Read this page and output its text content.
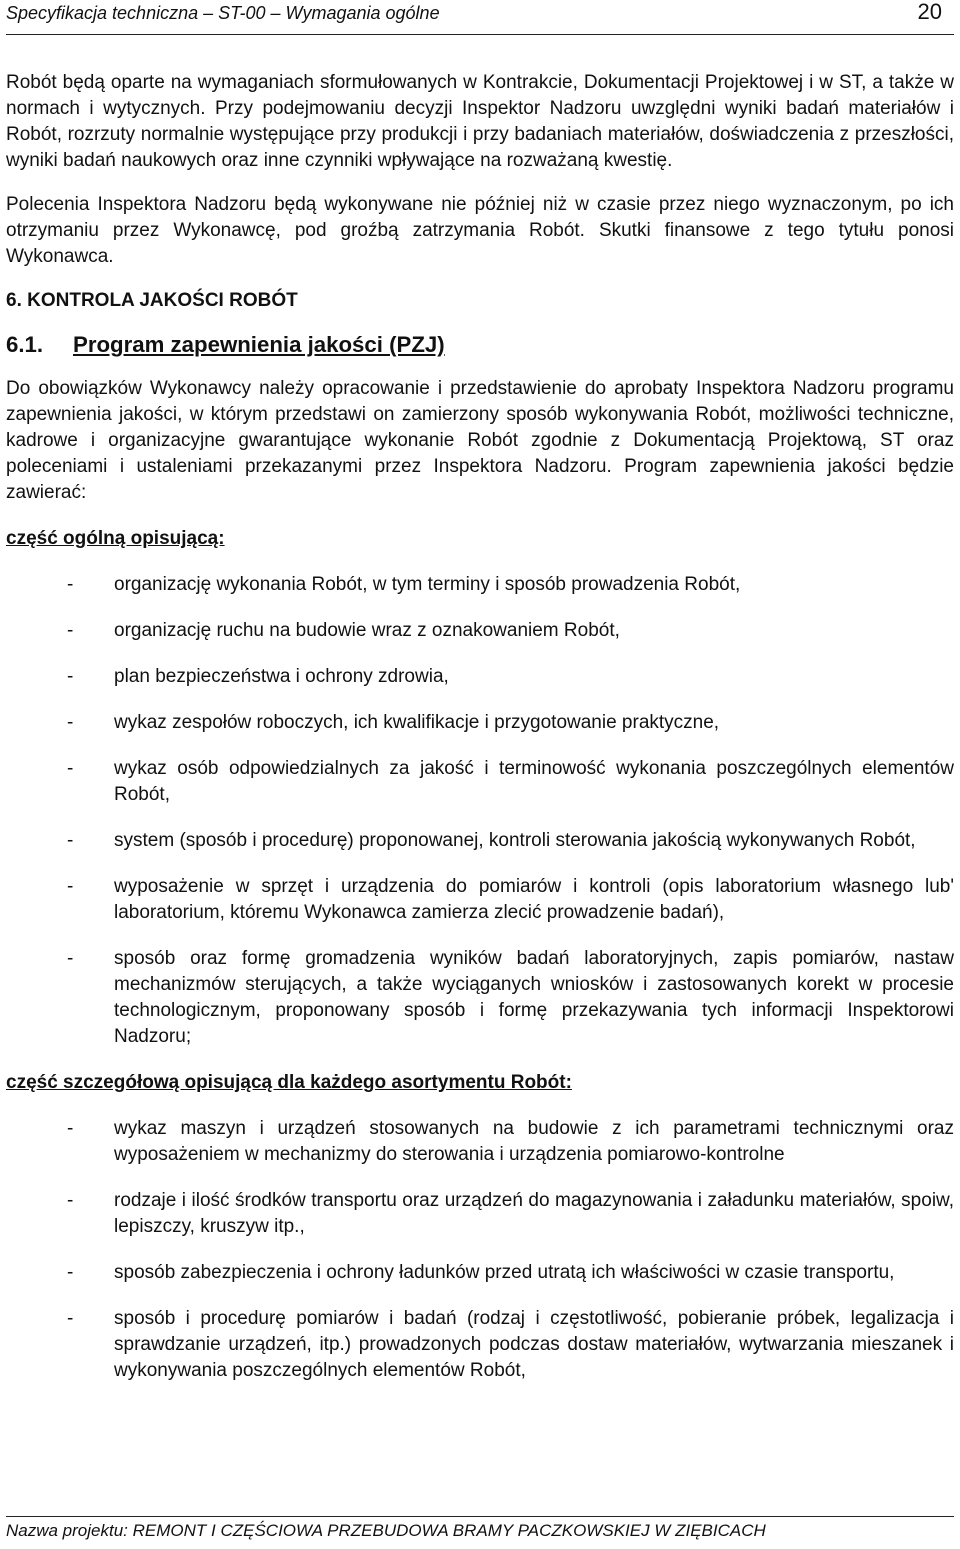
Specyfikacja techniczna – ST-00 – Wymagania ogólne	20

Robót będą oparte na wymaganiach sformułowanych w Kontrakcie, Dokumentacji Projektowej i w ST, a także w normach i wytycznych. Przy podejmowaniu decyzji Inspektor Nadzoru uwzględni wyniki badań materiałów i Robót, rozrzuty normalnie występujące przy produkcji i przy badaniach materiałów, doświadczenia z przeszłości, wyniki badań naukowych oraz inne czynniki wpływające na rozważaną kwestię.

Polecenia Inspektora Nadzoru będą wykonywane nie później niż w czasie przez niego wyznaczonym, po ich otrzymaniu przez Wykonawcę, pod groźbą zatrzymania Robót. Skutki finansowe z tego tytułu ponosi Wykonawca.

6. KONTROLA JAKOŚCI ROBÓT
6.1. Program zapewnienia jakości (PZJ)

Do obowiązków Wykonawcy należy opracowanie i przedstawienie do aprobaty Inspektora Nadzoru programu zapewnienia jakości, w którym przedstawi on zamierzony sposób wykonywania Robót, możliwości techniczne, kadrowe i organizacyjne gwarantujące wykonanie Robót zgodnie z Dokumentacją Projektową, ST oraz poleceniami i ustaleniami przekazanymi przez Inspektora Nadzoru. Program zapewnienia jakości będzie zawierać:

część ogólną opisującą:

- organizację wykonania Robót, w tym terminy i sposób prowadzenia Robót,
- organizację ruchu na budowie wraz z oznakowaniem Robót,
- plan bezpieczeństwa i ochrony zdrowia,
- wykaz zespołów roboczych, ich kwalifikacje i przygotowanie praktyczne,
- wykaz osób odpowiedzialnych za jakość i terminowość wykonania poszczególnych elementów Robót,
- system (sposób i procedurę) proponowanej, kontroli sterowania jakością wykonywanych Robót,
- wyposażenie w sprzęt i urządzenia do pomiarów i kontroli (opis laboratorium własnego lub' laboratorium, któremu Wykonawca zamierza zlecić prowadzenie badań),
- sposób oraz formę gromadzenia wyników badań laboratoryjnych, zapis pomiarów, nastaw mechanizmów sterujących, a także wyciąganych wniosków i zastosowanych korekt w procesie technologicznym, proponowany sposób i formę przekazywania tych informacji Inspektorowi Nadzoru;

część szczegółową opisującą dla każdego asortymentu Robót:

- wykaz maszyn i urządzeń stosowanych na budowie z ich parametrami technicznymi oraz wyposażeniem w mechanizmy do sterowania i urządzenia pomiarowo-kontrolne
- rodzaje i ilość środków transportu oraz urządzeń do magazynowania i załadunku materiałów, spoiw, lepiszczy, kruszyw itp.,
- sposób zabezpieczenia i ochrony ładunków przed utratą ich właściwości w czasie transportu,
- sposób i procedurę pomiarów i badań (rodzaj i częstotliwość, pobieranie próbek, legalizacja i sprawdzanie urządzeń, itp.) prowadzonych podczas dostaw materiałów, wytwarzania mieszanek i wykonywania poszczególnych elementów Robót,
Nazwa projektu: REMONT I CZĘŚCIOWA PRZEBUDOWA BRAMY PACZKOWSKIEJ W ZIĘBICACH
